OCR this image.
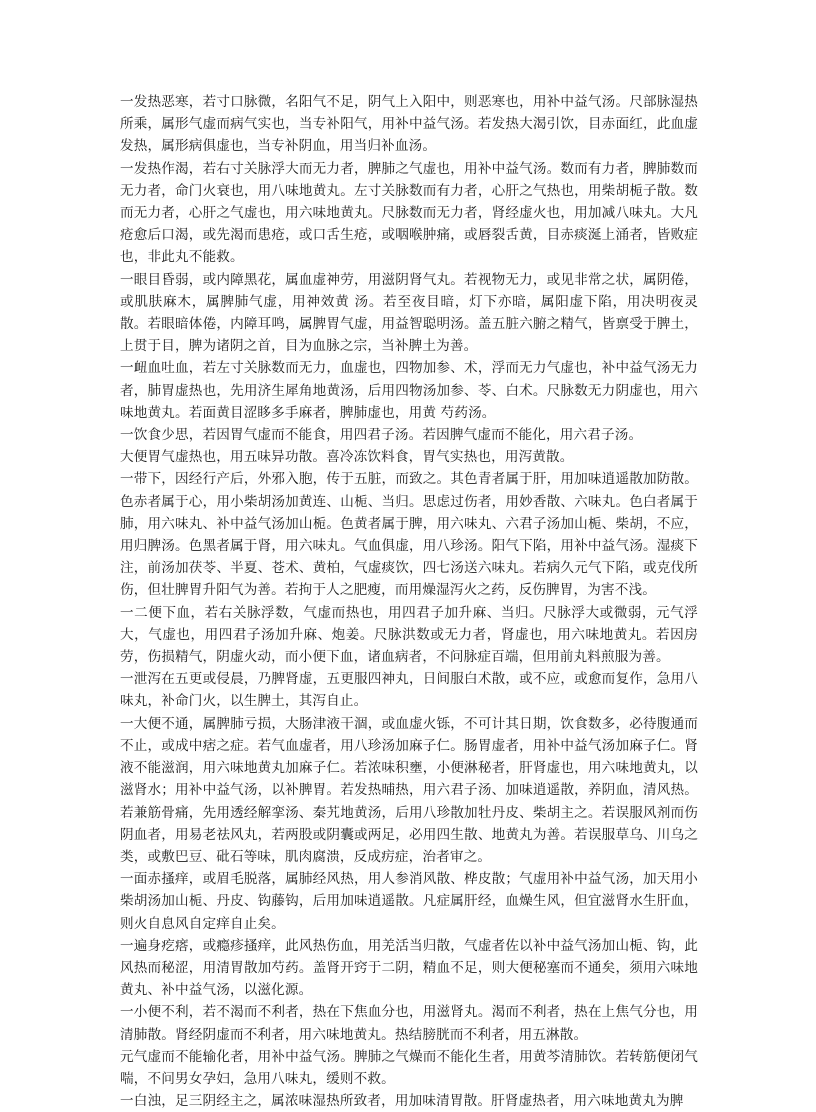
一发热恶寒，若寸口脉微，名阳气不足，阴气上入阳中，则恶寒也，用补中益气汤。尺部脉湿热所乘，属形气虚而病气实也，当专补阳气，用补中益气汤。若发热大渴引饮，目赤面红，此血虚发热，属形病俱虚也，当专补阴血，用当归补血汤。

一发热作渴，若右寸关脉浮大而无力者，脾肺之气虚也，用补中益气汤。数而有力者，脾肺数而无力者，命门火衰也，用八味地黄丸。左寸关脉数而有力者，心肝之气热也，用柴胡栀子散。数而无力者，心肝之气虚也，用六味地黄丸。尺脉数而无力者，肾经虚火也，用加减八味丸。大凡疮愈后口渴，或先渴而患疮，或口舌生疮，或咽喉肿痛，或唇裂舌黄，目赤痰涎上涌者，皆败症也，非此丸不能救。

一眼目昏弱，或内障黑花，属血虚神劳，用滋阴肾气丸。若视物无力，或见非常之状，属阴倦，或肌肤麻木，属脾肺气虚，用神效黄 汤。若至夜目暗，灯下亦暗，属阳虚下陷，用决明夜灵散。若眼暗体倦，内障耳鸣，属脾胃气虚，用益智聪明汤。盖五脏六腑之精气，皆禀受于脾土，上贯于目，脾为诸阴之首，目为血脉之宗，当补脾土为善。

一衄血吐血，若左寸关脉数而无力，血虚也，四物加参、术，浮而无力气虚也，补中益气汤无力者，肺胃虚热也，先用济生犀角地黄汤，后用四物汤加参、苓、白术。尺脉数无力阴虚也，用六味地黄丸。若面黄目涩眵多手麻者，脾肺虚也，用黄 芍药汤。

一饮食少思，若因胃气虚而不能食，用四君子汤。若因脾气虚而不能化，用六君子汤。

大便胃气虚热也，用五味异功散。喜冷冻饮料食，胃气实热也，用泻黄散。

一带下，因经行产后，外邪入胞，传于五脏，而致之。其色青者属于肝，用加味逍遥散加防散。色赤者属于心，用小柴胡汤加黄连、山栀、当归。思虑过伤者，用妙香散、六味丸。色白者属于肺，用六味丸、补中益气汤加山栀。色黄者属于脾，用六味丸、六君子汤加山栀、柴胡，不应，用归脾汤。色黑者属于肾，用六味丸。气血俱虚，用八珍汤。阳气下陷，用补中益气汤。湿痰下注，前汤加茯苓、半夏、苍术、黄柏，气虚痰饮，四七汤送六味丸。若病久元气下陷，或克伐所伤，但壮脾胃升阳气为善。若拘于人之肥瘦，而用燥湿泻火之药，反伤脾胃，为害不浅。

一二便下血，若右关脉浮数，气虚而热也，用四君子加升麻、当归。尺脉浮大或微弱，元气浮大，气虚也，用四君子汤加升麻、炮姜。尺脉洪数或无力者，肾虚也，用六味地黄丸。若因房劳，伤损精气，阴虚火动，而小便下血，诸血病者，不问脉症百端，但用前丸料煎服为善。

一泄泻在五更或侵晨，乃脾肾虚，五更服四神丸，日间服白术散，或不应，或愈而复作，急用八味丸，补命门火，以生脾土，其泻自止。

一大便不通，属脾肺亏损，大肠津液干涸，或血虚火铄，不可计其日期，饮食数多，必待腹通而不止，或成中痞之症。若气血虚者，用八珍汤加麻子仁。肠胃虚者，用补中益气汤加麻子仁。肾液不能滋润，用六味地黄丸加麻子仁。若浓味积壅，小便淋秘者，肝肾虚也，用六味地黄丸，以滋肾水；用补中益气汤，以补脾胃。若发热晡热，用六君子汤、加味逍遥散，养阴血，清风热。若兼筋骨痛，先用透经解挛汤、秦艽地黄汤，后用八珍散加牡丹皮、柴胡主之。若误服风剂而伤阴血者，用易老祛风丸，若两股或阴囊或两足，必用四生散、地黄丸为善。若误服草乌、川乌之类，或敷巴豆、砒石等味，肌肉腐溃，反成疠症，治者审之。

一面赤搔痒，或眉毛脱落，属肺经风热，用人参消风散、桦皮散；气虚用补中益气汤，加天用小柴胡汤加山栀、丹皮、钩藤钩，后用加味逍遥散。凡症属肝经，血燥生风，但宜滋肾水生肝血，则火自息风自定痒自止矣。

一遍身疙瘩，或瘾疹搔痒，此风热伤血，用羌活当归散，气虚者佐以补中益气汤加山栀、钩，此风热而秘涩，用清胃散加芍药。盖肾开窍于二阴，精血不足，则大便秘塞而不通矣，须用六味地黄丸、补中益气汤，以滋化源。

一小便不利，若不渴而不利者，热在下焦血分也，用滋肾丸。渴而不利者，热在上焦气分也，用清肺散。肾经阴虚而不利者，用六味地黄丸。热结膀胱而不利者，用五淋散。

元气虚而不能输化者，用补中益气汤。脾肺之气燥而不能化生者，用黄芩清肺饮。若转筋便闭气喘，不问男女孕妇，急用八味丸，缓则不救。

一白浊，足三阴经主之，属浓味湿热所致者，用加味清胃散。肝肾虚热者，用六味地黄丸为脾
